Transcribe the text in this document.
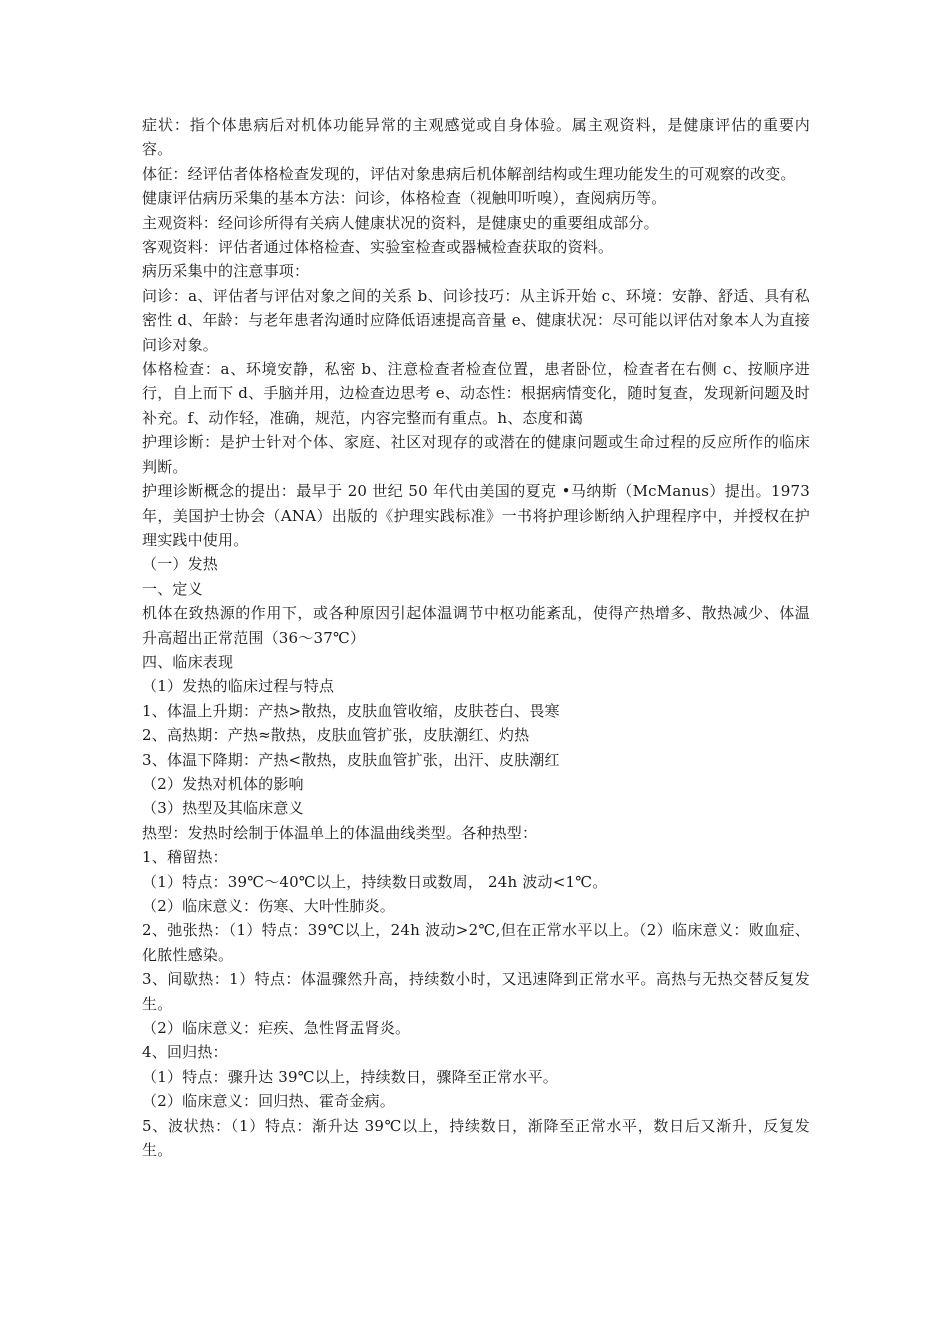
症状：指个体患病后对机体功能异常的主观感觉或自身体验。属主观资料，是健康评估的重要内容。

体征：经评估者体格检查发现的，评估对象患病后机体解剖结构或生理功能发生的可观察的改变。

健康评估病历采集的基本方法：问诊，体格检查（视触叩听嗅），查阅病历等。

主观资料：经问诊所得有关病人健康状况的资料，是健康史的重要组成部分。

客观资料：评估者通过体格检查、实验室检查或器械检查获取的资料。

病历采集中的注意事项：

问诊：a、评估者与评估对象之间的关系 b、问诊技巧：从主诉开始 c、环境：安静、舒适、具有私密性 d、年龄：与老年患者沟通时应降低语速提高音量 e、健康状况：尽可能以评估对象本人为直接问诊对象。

体格检查：a、环境安静，私密 b、注意检查者检查位置，患者卧位，检查者在右侧 c、按顺序进行，自上而下 d、手脑并用，边检查边思考 e、动态性：根据病情变化，随时复查，发现新问题及时补充。f、动作轻，准确，规范，内容完整而有重点。h、态度和蔼

护理诊断：是护士针对个体、家庭、社区对现存的或潜在的健康问题或生命过程的反应所作的临床判断。

护理诊断概念的提出：最早于 20 世纪 50 年代由美国的夏克 •马纳斯（McManus）提出。1973 年，美国护士协会（ANA）出版的《护理实践标准》一书将护理诊断纳入护理程序中，并授权在护理实践中使用。

（一）发热

一、定义

机体在致热源的作用下，或各种原因引起体温调节中枢功能紊乱，使得产热增多、散热减少、体温升高超出正常范围（36～37℃）

四、临床表现

（1）发热的临床过程与特点

1、体温上升期：产热>散热，皮肤血管收缩，皮肤苍白、畏寒

2、高热期：产热≈散热，皮肤血管扩张，皮肤潮红、灼热

3、体温下降期：产热<散热，皮肤血管扩张，出汗、皮肤潮红

（2）发热对机体的影响

（3）热型及其临床意义

热型：发热时绘制于体温单上的体温曲线类型。各种热型：

1、稽留热：

（1）特点：39℃～40℃以上，持续数日或数周， 24h 波动<1℃。

（2）临床意义：伤寒、大叶性肺炎。

2、弛张热：（1）特点：39℃以上，24h 波动>2℃,但在正常水平以上。（2）临床意义：败血症、化脓性感染。

3、间歇热：1）特点：体温骤然升高，持续数小时，又迅速降到正常水平。高热与无热交替反复发生。

（2）临床意义：疟疾、急性肾盂肾炎。

4、回归热：

（1）特点：骤升达 39℃以上，持续数日，骤降至正常水平。

（2）临床意义：回归热、霍奇金病。

5、波状热：（1）特点：渐升达 39℃以上，持续数日，渐降至正常水平，数日后又渐升，反复发生。
